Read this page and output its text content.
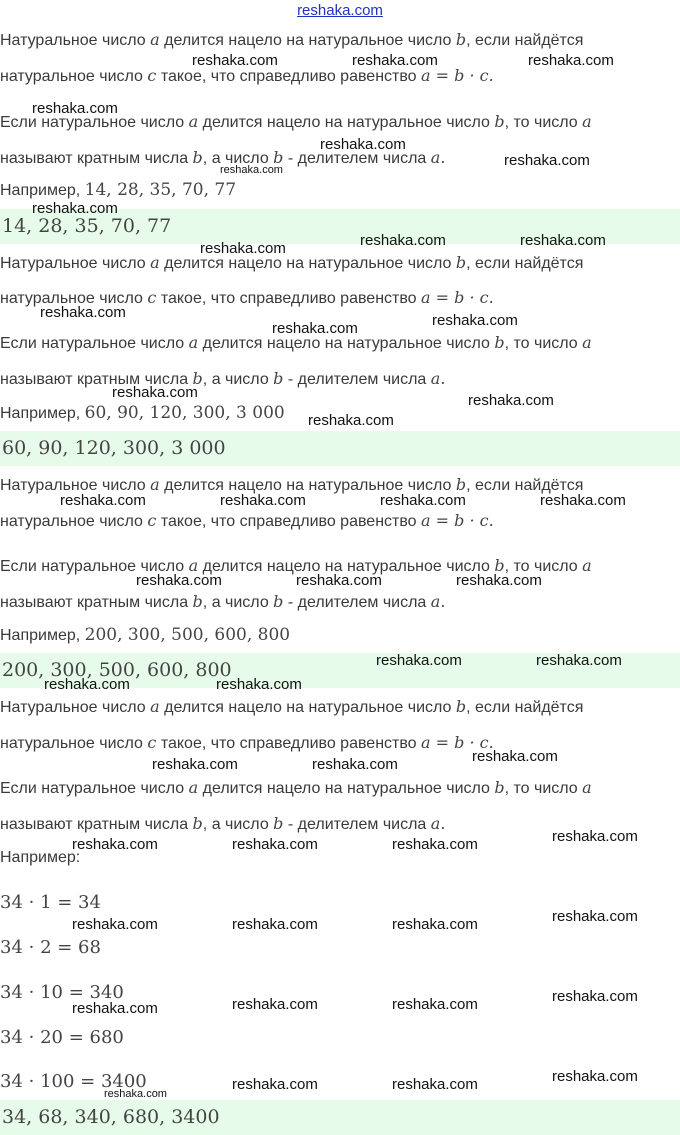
reshaka.com
Натуральное число a делится нацело на натуральное число b, если найдётся
натуральное число c такое, что справедливо равенство a = b · c.
Если натуральное число a делится нацело на натуральное число b, то число a
называют кратным числа b, а число b - делителем числа a.
Например, 14, 28, 35, 70, 77
14, 28, 35, 70, 77
Натуральное число a делится нацело на натуральное число b, если найдётся
натуральное число c такое, что справедливо равенство a = b · c.
Если натуральное число a делится нацело на натуральное число b, то число a
называют кратным числа b, а число b - делителем числа a.
Например, 60, 90, 120, 300, 3 000
60, 90, 120, 300, 3 000
Натуральное число a делится нацело на натуральное число b, если найдётся
натуральное число c такое, что справедливо равенство a = b · c.
Если натуральное число a делится нацело на натуральное число b, то число a
называют кратным числа b, а число b - делителем числа a.
Например, 200, 300, 500, 600, 800
200, 300, 500, 600, 800
Натуральное число a делится нацело на натуральное число b, если найдётся
натуральное число c такое, что справедливо равенство a = b · c.
Если натуральное число a делится нацело на натуральное число b, то число a
называют кратным числа b, а число b - делителем числа a.
Например:
34 · 1 = 34
34 · 2 = 68
34 · 10 = 340
34 · 20 = 680
34 · 100 = 3400
34, 68, 340, 680, 3400
reshaka.com	reshaka.com	reshaka.com
reshaka.com
reshaka.com
reshaka.com
reshaka.com
reshaka.com
reshaka.com	reshaka.com	reshaka.com
reshaka.com
reshaka.com	reshaka.com
reshaka.com	reshaka.com
reshaka.com
reshaka.com	reshaka.com	reshaka.com	reshaka.com
reshaka.com	reshaka.com	reshaka.com
reshaka.com	reshaka.com
reshaka.com	reshaka.com
reshaka.com
reshaka.com	reshaka.com
reshaka.com
reshaka.com	reshaka.com	reshaka.com
reshaka.com
reshaka.com	reshaka.com	reshaka.com
reshaka.com
reshaka.com	reshaka.com	reshaka.com
reshaka.com
reshaka.com	reshaka.com
reshaka.com
